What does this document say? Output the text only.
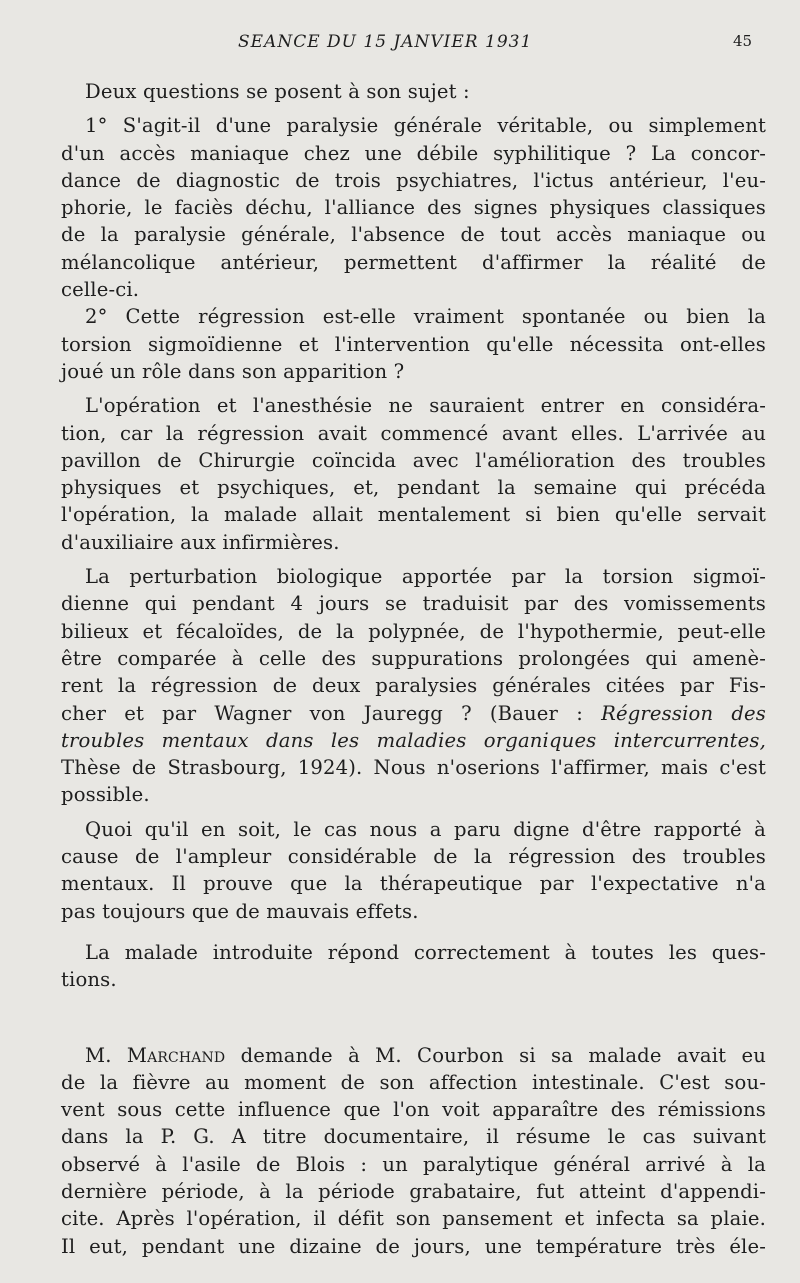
SEANCE DU 15 JANVIER 1931	45

Deux questions se posent à son sujet :

1° S'agit-il d'une paralysie générale véritable, ou simplement
d'un accès maniaque chez une débile syphilitique ? La concor-
dance de diagnostic de trois psychiatres, l'ictus antérieur, l'eu-
phorie, le faciès déchu, l'alliance des signes physiques classiques
de la paralysie générale, l'absence de tout accès maniaque ou
mélancolique antérieur, permettent d'affirmer la réalité de
celle-ci.

2° Cette régression est-elle vraiment spontanée ou bien la
torsion sigmoïdienne et l'intervention qu'elle nécessita ont-elles
joué un rôle dans son apparition ?

L'opération et l'anesthésie ne sauraient entrer en considéra-
tion, car la régression avait commencé avant elles. L'arrivée au
pavillon de Chirurgie coïncida avec l'amélioration des troubles
physiques et psychiques, et, pendant la semaine qui précéda
l'opération, la malade allait mentalement si bien qu'elle servait
d'auxiliaire aux infirmières.

La perturbation biologique apportée par la torsion sigmoï-
dienne qui pendant 4 jours se traduisit par des vomissements
bilieux et fécaloïdes, de la polypnée, de l'hypothermie, peut-elle
être comparée à celle des suppurations prolongées qui amenè-
rent la régression de deux paralysies générales citées par Fis-
cher et par Wagner von Jauregg ? (Bauer : Régression des
troubles mentaux dans les maladies organiques intercurrentes,
Thèse de Strasbourg, 1924). Nous n'oserions l'affirmer, mais c'est
possible.

Quoi qu'il en soit, le cas nous a paru digne d'être rapporté à
cause de l'ampleur considérable de la régression des troubles
mentaux. Il prouve que la thérapeutique par l'expectative n'a
pas toujours que de mauvais effets.

La malade introduite répond correctement à toutes les ques-
tions.

M. Marchand demande à M. Courbon si sa malade avait eu
de la fièvre au moment de son affection intestinale. C'est sou-
vent sous cette influence que l'on voit apparaître des rémissions
dans la P. G. A titre documentaire, il résume le cas suivant
observé à l'asile de Blois : un paralytique général arrivé à la
dernière période, à la période grabataire, fut atteint d'appendi-
cite. Après l'opération, il défit son pansement et infecta sa plaie.
Il eut, pendant une dizaine de jours, une température très éle-
